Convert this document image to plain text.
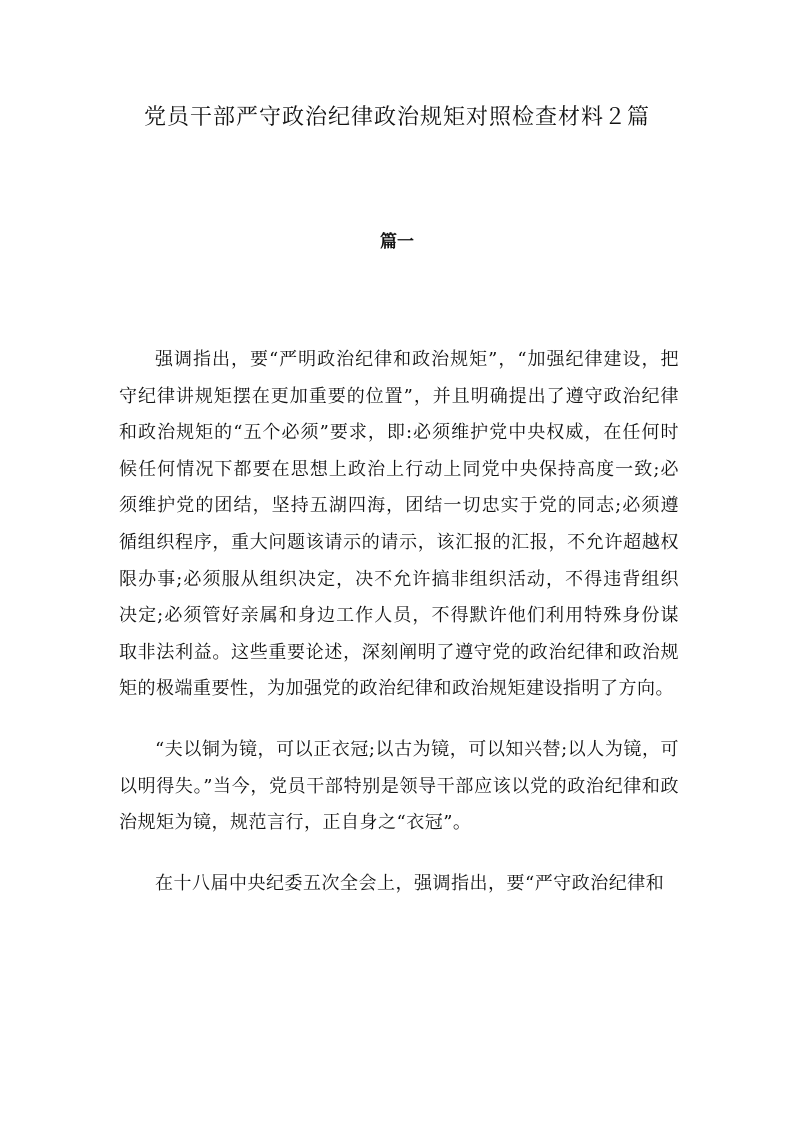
党员干部严守政治纪律政治规矩对照检查材料２篇
篇一

强调指出，要“严明政治纪律和政治规矩”，“加强纪律建设，把守纪律讲规矩摆在更加重要的位置”，并且明确提出了遵守政治纪律和政治规矩的“五个必须”要求，即:必须维护党中央权威，在任何时候任何情况下都要在思想上政治上行动上同党中央保持高度一致;必须维护党的团结，坚持五湖四海，团结一切忠实于党的同志;必须遵循组织程序，重大问题该请示的请示，该汇报的汇报，不允许超越权限办事;必须服从组织决定，决不允许搞非组织活动，不得违背组织决定;必须管好亲属和身边工作人员，不得默许他们利用特殊身份谋取非法利益。这些重要论述，深刻阐明了遵守党的政治纪律和政治规矩的极端重要性，为加强党的政治纪律和政治规矩建设指明了方向。

“夫以铜为镜，可以正衣冠;以古为镜，可以知兴替;以人为镜，可以明得失。”当今，党员干部特别是领导干部应该以党的政治纪律和政治规矩为镜，规范言行，正自身之“衣冠”。

在十八届中央纪委五次全会上，强调指出，要“严守政治纪律和
